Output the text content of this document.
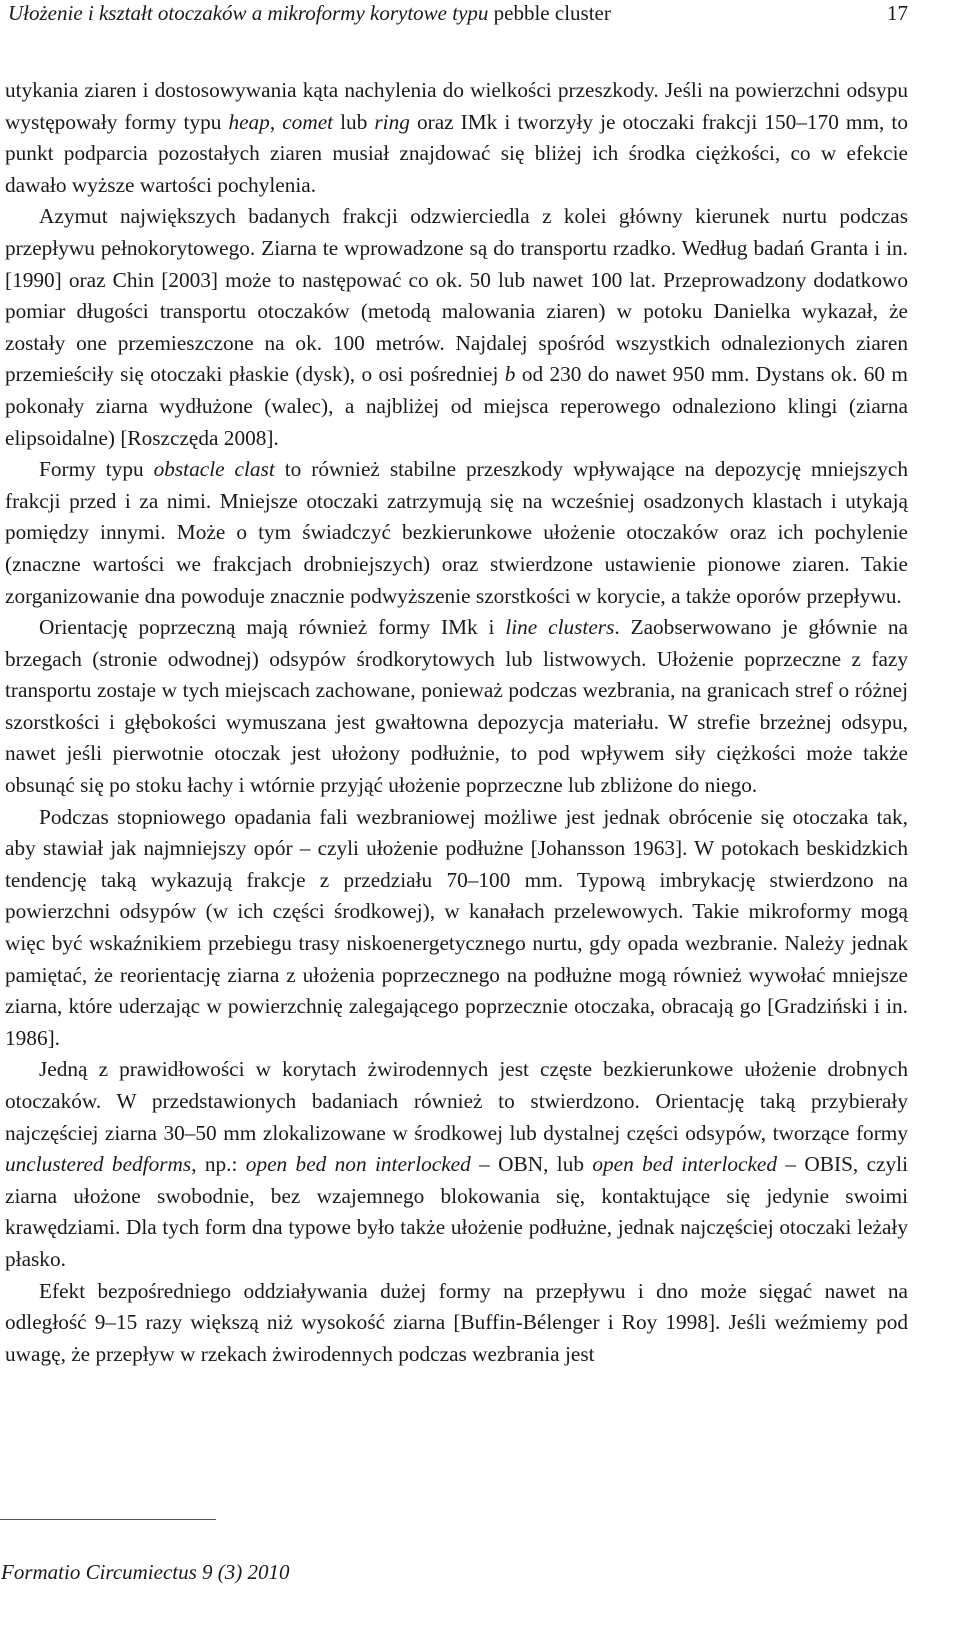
Ułożenie i kształt otoczaków a mikroformy korytowe typu pebble cluster	17

utykania ziaren i dostosowywania kąta nachylenia do wielkości przeszkody. Jeśli na powierzchni odsypu występowały formy typu heap, comet lub ring oraz IMk i tworzyły je otoczaki frakcji 150–170 mm, to punkt podparcia pozostałych ziaren musiał znajdować się bliżej ich środka ciężkości, co w efekcie dawało wyższe wartości pochylenia.

Azymut największych badanych frakcji odzwierciedla z kolei główny kierunek nurtu podczas przepływu pełnokorytowego. Ziarna te wprowadzone są do transportu rzadko. Według badań Granta i in. [1990] oraz Chin [2003] może to następować co ok. 50 lub nawet 100 lat. Przeprowadzony dodatkowo pomiar długości transportu otoczaków (metodą malowania ziaren) w potoku Danielka wykazał, że zostały one przemieszczone na ok. 100 metrów. Najdalej spośród wszystkich odnalezionych ziaren przemieściły się otoczaki płaskie (dysk), o osi pośredniej b od 230 do nawet 950 mm. Dystans ok. 60 m pokonały ziarna wydłużone (walec), a najbliżej od miejsca reperowego odnaleziono klingi (ziarna elipsoidalne) [Roszczęda 2008].

Formy typu obstacle clast to również stabilne przeszkody wpływające na depozycję mniejszych frakcji przed i za nimi. Mniejsze otoczaki zatrzymują się na wcześniej osadzonych klastach i utykają pomiędzy innymi. Może o tym świadczyć bezkierunkowe ułożenie otoczaków oraz ich pochylenie (znaczne wartości we frakcjach drobniejszych) oraz stwierdzone ustawienie pionowe ziaren. Takie zorganizowanie dna powoduje znacznie podwyższenie szorstkości w korycie, a także oporów przepływu.

Orientację poprzeczną mają również formy IMk i line clusters. Zaobserwowano je głównie na brzegach (stronie odwodnej) odsypów środkorytowych lub listwowych. Ułożenie poprzeczne z fazy transportu zostaje w tych miejscach zachowane, ponieważ podczas wezbrania, na granicach stref o różnej szorstkości i głębokości wymuszana jest gwałtowna depozycja materiału. W strefie brzeżnej odsypu, nawet jeśli pierwotnie otoczak jest ułożony podłużnie, to pod wpływem siły ciężkości może także obsunąć się po stoku łachy i wtórnie przyjąć ułożenie poprzeczne lub zbliżone do niego.

Podczas stopniowego opadania fali wezbraniowej możliwe jest jednak obrócenie się otoczaka tak, aby stawiał jak najmniejszy opór – czyli ułożenie podłużne [Johansson 1963]. W potokach beskidzkich tendencję taką wykazują frakcje z przedziału 70–100 mm. Typową imbrykację stwierdzono na powierzchni odsypów (w ich części środkowej), w kanałach przelewowych. Takie mikroformy mogą więc być wskaźnikiem przebiegu trasy niskoenergetycznego nurtu, gdy opada wezbranie. Należy jednak pamiętać, że reorientację ziarna z ułożenia poprzecznego na podłużne mogą również wywołać mniejsze ziarna, które uderzając w powierzchnię zalegającego poprzecznie otoczaka, obracają go [Gradziński i in. 1986].

Jedną z prawidłowości w korytach żwirodennych jest częste bezkierunkowe ułożenie drobnych otoczaków. W przedstawionych badaniach również to stwierdzono. Orientację taką przybierały najczęściej ziarna 30–50 mm zlokalizowane w środkowej lub dystalnej części odsypów, tworzące formy unclustered bedforms, np.: open bed non interlocked – OBN, lub open bed interlocked – OBIS, czyli ziarna ułożone swobodnie, bez wzajemnego blokowania się, kontaktujące się jedynie swoimi krawędziami. Dla tych form dna typowe było także ułożenie podłużne, jednak najczęściej otoczaki leżały płasko.

Efekt bezpośredniego oddziaływania dużej formy na przepływu i dno może sięgać nawet na odległość 9–15 razy większą niż wysokość ziarna [Buffin-Bélenger i Roy 1998]. Jeśli weźmiemy pod uwagę, że przepływ w rzekach żwirodennych podczas wezbrania jest

Formatio Circumiectus 9 (3) 2010
